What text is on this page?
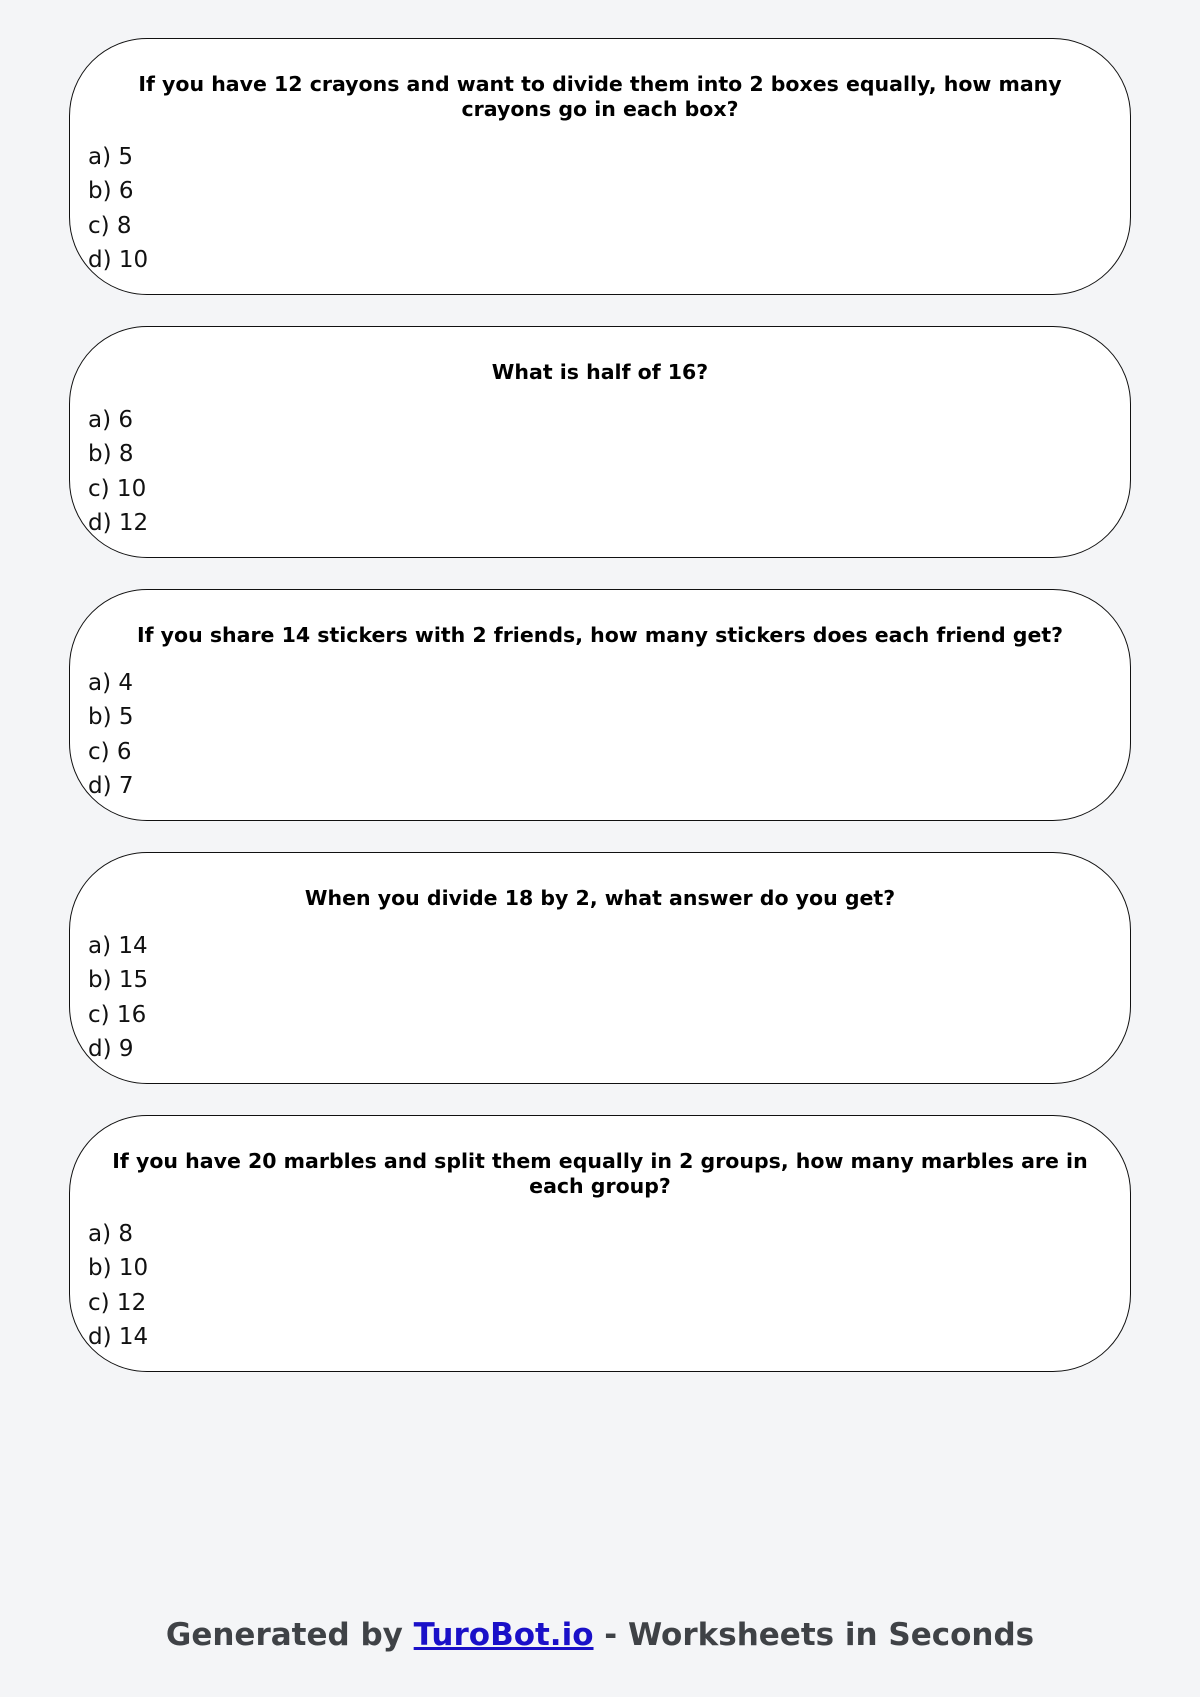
If you have 12 crayons and want to divide them into 2 boxes equally, how many crayons go in each box?

a) 5
b) 6
c) 8
d) 10

What is half of 16?

a) 6
b) 8
c) 10
d) 12

If you share 14 stickers with 2 friends, how many stickers does each friend get?

a) 4
b) 5
c) 6
d) 7

When you divide 18 by 2, what answer do you get?

a) 14
b) 15
c) 16
d) 9

If you have 20 marbles and split them equally in 2 groups, how many marbles are in each group?

a) 8
b) 10
c) 12
d) 14
Generated by TuroBot.io - Worksheets in Seconds
